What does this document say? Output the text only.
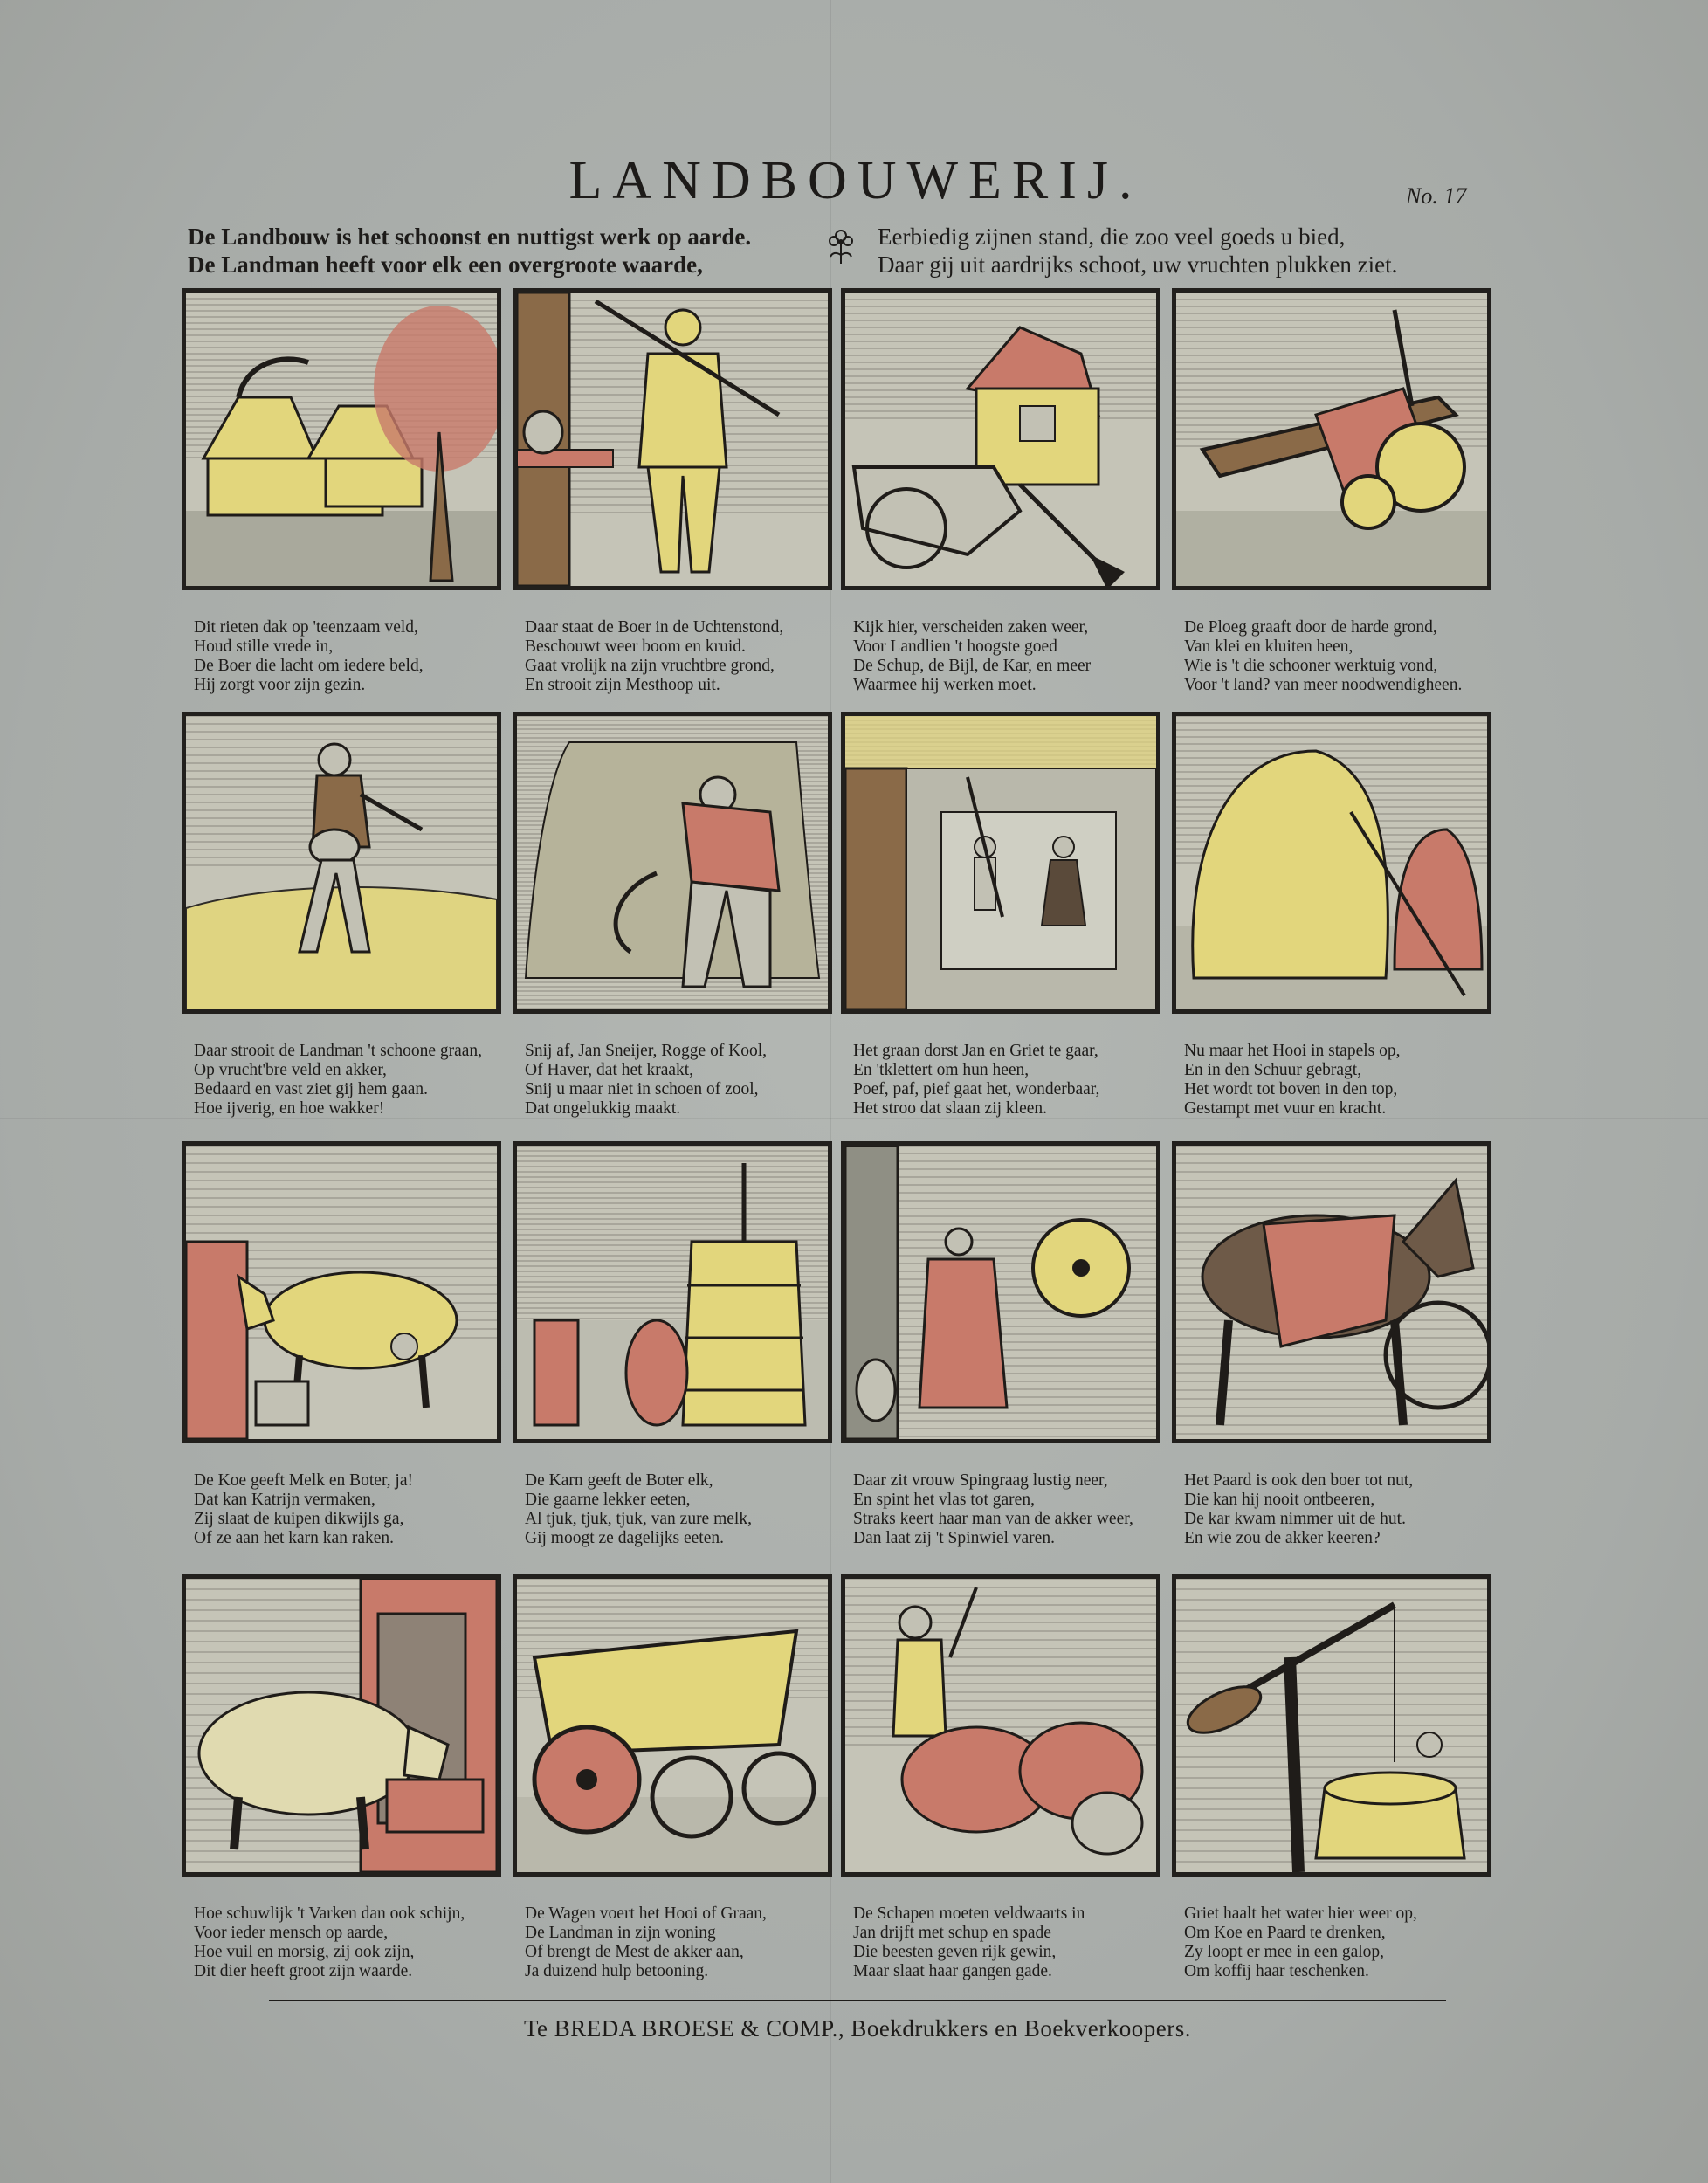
LANDBOUWERIJ.	No. 17
De Landbouw is het schoonst en nuttigst werk op aarde.
De Landman heeft voor elk een overgroote waarde,
Eerbiedig zijnen stand, die zoo veel goeds u bied,
Daar gij uit aardrijks schoot, uw vruchten plukken ziet.
Dit rieten dak op 'teenzaam veld,
Houd stille vrede in,
De Boer die lacht om iedere beld,
Hij zorgt voor zijn gezin.
Daar staat de Boer in de Uchtenstond,
Beschouwt weer boom en kruid.
Gaat vrolijk na zijn vruchtbre grond,
En strooit zijn Mesthoop uit.
Kijk hier, verscheiden zaken weer,
Voor Landlien 't hoogste goed
De Schup, de Bijl, de Kar, en meer
Waarmee hij werken moet.
De Ploeg graaft door de harde grond,
Van klei en kluiten heen,
Wie is 't die schooner werktuig vond,
Voor 't land? van meer noodwendigheen.
Daar strooit de Landman 't schoone graan,
Op vrucht'bre veld en akker,
Bedaard en vast ziet gij hem gaan.
Hoe ijverig, en hoe wakker!
Snij af, Jan Sneijer, Rogge of Kool,
Of Haver, dat het kraakt,
Snij u maar niet in schoen of zool,
Dat ongelukkig maakt.
Het graan dorst Jan en Griet te gaar,
En 'tklettert om hun heen,
Poef, paf, pief gaat het, wonderbaar,
Het stroo dat slaan zij kleen.
Nu maar het Hooi in stapels op,
En in den Schuur gebragt,
Het wordt tot boven in den top,
Gestampt met vuur en kracht.
De Koe geeft Melk en Boter, ja!
Dat kan Katrijn vermaken,
Zij slaat de kuipen dikwijls ga,
Of ze aan het karn kan raken.
De Karn geeft de Boter elk,
Die gaarne lekker eeten,
Al tjuk, tjuk, tjuk, van zure melk,
Gij moogt ze dagelijks eeten.
Daar zit vrouw Spingraag lustig neer,
En spint het vlas tot garen,
Straks keert haar man van de akker weer,
Dan laat zij 't Spinwiel varen.
Het Paard is ook den boer tot nut,
Die kan hij nooit ontbeeren,
De kar kwam nimmer uit de hut.
En wie zou de akker keeren?
Hoe schuwlijk 't Varken dan ook schijn,
Voor ieder mensch op aarde,
Hoe vuil en morsig, zij ook zijn,
Dit dier heeft groot zijn waarde.
De Wagen voert het Hooi of Graan,
De Landman in zijn woning
Of brengt de Mest de akker aan,
Ja duizend hulp betooning.
De Schapen moeten veldwaarts in
Jan drijft met schup en spade
Die beesten geven rijk gewin,
Maar slaat haar gangen gade.
Griet haalt het water hier weer op,
Om Koe en Paard te drenken,
Zy loopt er mee in een galop,
Om koffij haar teschenken.
Te BREDA BROESE & COMP., Boekdrukkers en Boekverkoopers.
